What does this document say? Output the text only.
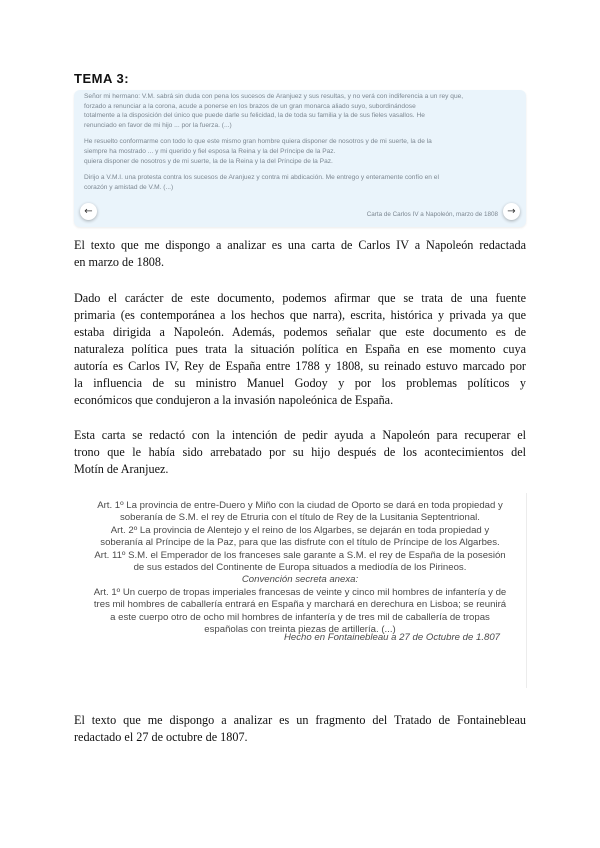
TEMA 3:

Señor mi hermano: V.M. sabrá sin duda con pena los sucesos de Aranjuez y sus resultas, y no verá con indiferencia a un rey que,
forzado a renunciar a la corona, acude a ponerse en los brazos de un gran monarca aliado suyo, subordinándose
totalmente a la disposición del único que puede darle su felicidad, la de toda su familia y la de sus fieles vasallos. He
renunciado en favor de mi hijo ... por la fuerza. (...)

He resuelto conformarme con todo lo que este mismo gran hombre quiera disponer de nosotros y de mi suerte, la de la
siempre ha mostrado ... y mi querido y fiel esposa la Reina y la del Príncipe de la Paz.
quiera disponer de nosotros y de mi suerte, la de la Reina y la del Príncipe de la Paz.

Dirijo a V.M.I. una protesta contra los sucesos de Aranjuez y contra mi abdicación. Me entrego y enteramente confío en el
corazón y amistad de V.M. (...)

Carta de Carlos IV a Napoleón, marzo de 1808
←	→
El texto que me dispongo a analizar es una carta de Carlos IV a Napoleón redactada
en marzo de 1808.
Dado el carácter de este documento, podemos afirmar que se trata de una fuente
primaria (es contemporánea a los hechos que narra), escrita, histórica y privada ya que
estaba dirigida a Napoleón. Además, podemos señalar que este documento es de
naturaleza política pues trata la situación política en España en ese momento cuya
autoría es Carlos IV, Rey de España entre 1788 y 1808, su reinado estuvo marcado por
la influencia de su ministro Manuel Godoy y por los problemas políticos y
económicos que condujeron a la invasión napoleónica de España.
Esta carta se redactó con la intención de pedir ayuda a Napoleón para recuperar el
trono que le había sido arrebatado por su hijo después de los acontecimientos del
Motín de Aranjuez.

Art. 1º La provincia de entre-Duero y Miño con la ciudad de Oporto se dará en toda propiedad y

soberanía de S.M. el rey de Etruria con el título de Rey de la Lusitania Septentrional.

Art. 2º La provincia de Alentejo y el reino de los Algarbes, se dejarán en toda propiedad y

soberanía al Príncipe de la Paz, para que las disfrute con el título de Príncipe de los Algarbes.

Art. 11º S.M. el Emperador de los franceses sale garante a S.M. el rey de España de la posesión

de sus estados del Continente de Europa situados a mediodía de los Pirineos.

Convención secreta anexa:

Art. 1º Un cuerpo de tropas imperiales francesas de veinte y cinco mil hombres de infantería y de

tres mil hombres de caballería entrará en España y marchará en derechura en Lisboa; se reunirá

a este cuerpo otro de ocho mil hombres de infantería y de tres mil de caballería de tropas

españolas con treinta piezas de artillería. (...)

Hecho en Fontainebleau a 27 de Octubre de 1.807
El texto que me dispongo a analizar es un fragmento del Tratado de Fontainebleau
redactado el 27 de octubre de 1807.
